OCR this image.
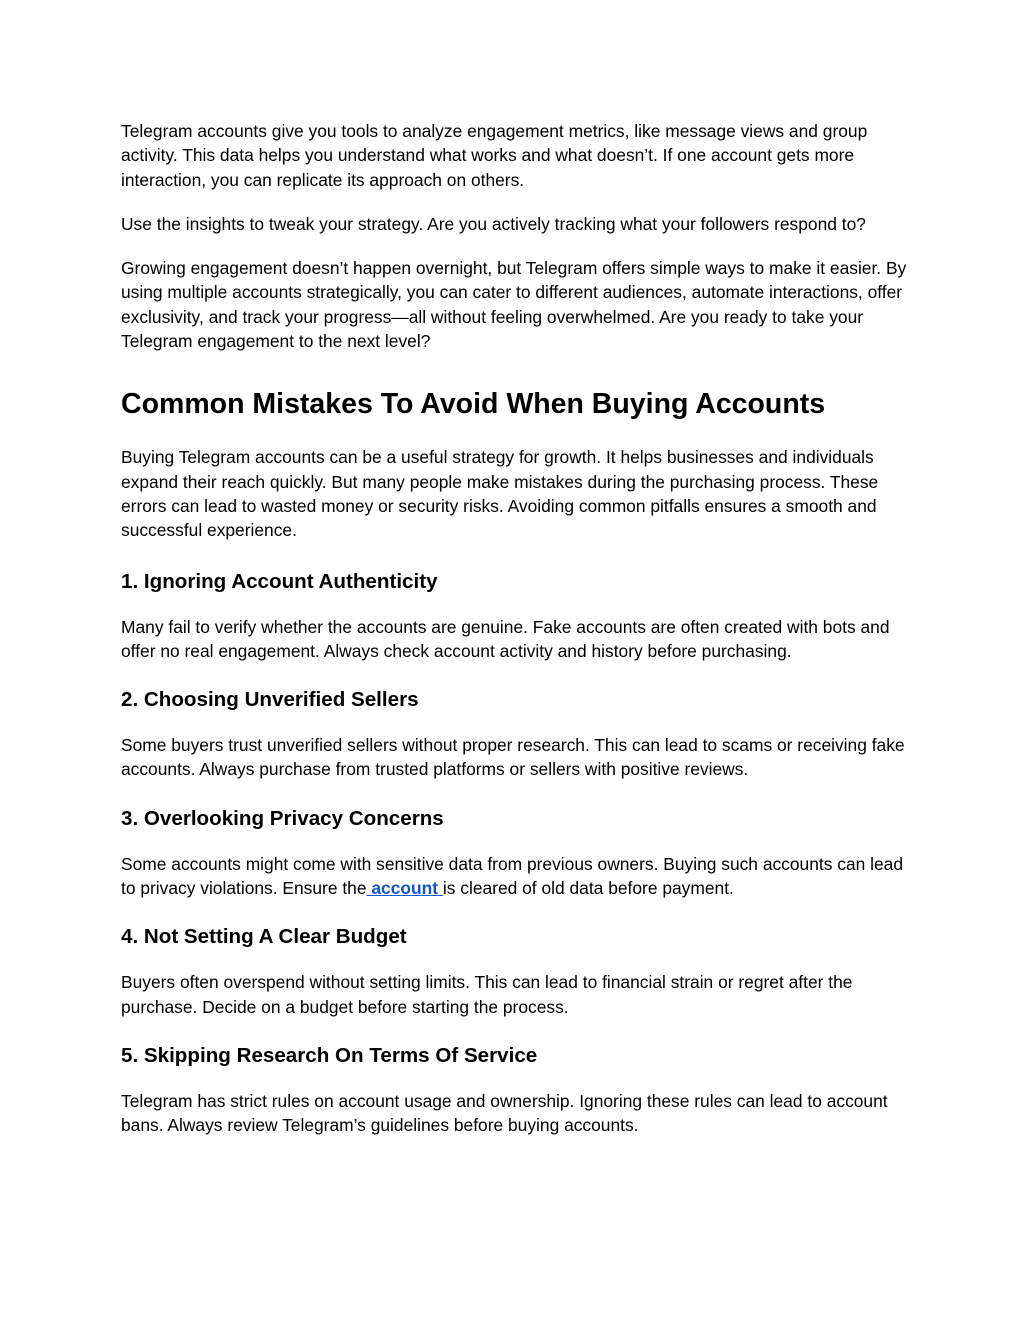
Telegram accounts give you tools to analyze engagement metrics, like message views and group activity. This data helps you understand what works and what doesn’t. If one account gets more interaction, you can replicate its approach on others.

Use the insights to tweak your strategy. Are you actively tracking what your followers respond to?

Growing engagement doesn’t happen overnight, but Telegram offers simple ways to make it easier. By using multiple accounts strategically, you can cater to different audiences, automate interactions, offer exclusivity, and track your progress—all without feeling overwhelmed. Are you ready to take your Telegram engagement to the next level?

Common Mistakes To Avoid When Buying Accounts

Buying Telegram accounts can be a useful strategy for growth. It helps businesses and individuals expand their reach quickly. But many people make mistakes during the purchasing process. These errors can lead to wasted money or security risks. Avoiding common pitfalls ensures a smooth and successful experience.

1. Ignoring Account Authenticity

Many fail to verify whether the accounts are genuine. Fake accounts are often created with bots and offer no real engagement. Always check account activity and history before purchasing.

2. Choosing Unverified Sellers

Some buyers trust unverified sellers without proper research. This can lead to scams or receiving fake accounts. Always purchase from trusted platforms or sellers with positive reviews.

3. Overlooking Privacy Concerns

Some accounts might come with sensitive data from previous owners. Buying such accounts can lead to privacy violations. Ensure the account is cleared of old data before payment.

4. Not Setting A Clear Budget

Buyers often overspend without setting limits. This can lead to financial strain or regret after the purchase. Decide on a budget before starting the process.

5. Skipping Research On Terms Of Service

Telegram has strict rules on account usage and ownership. Ignoring these rules can lead to account bans. Always review Telegram’s guidelines before buying accounts.
